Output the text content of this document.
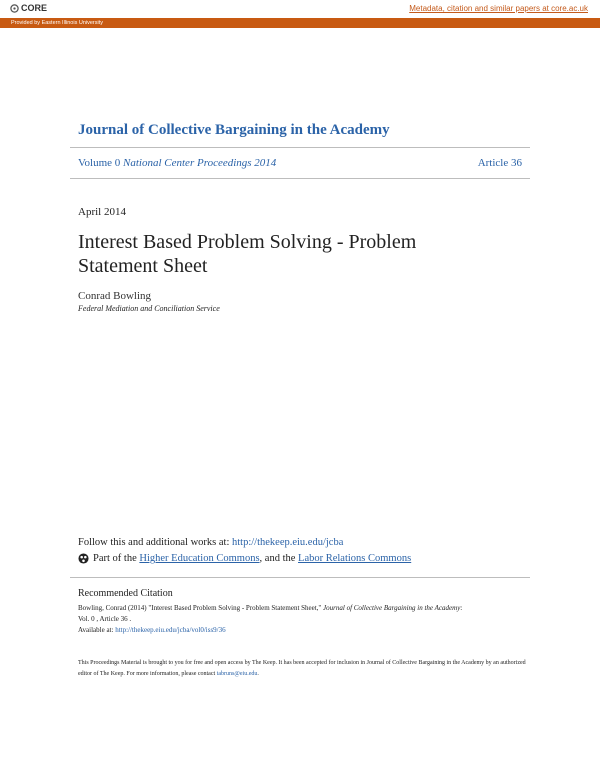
CORE	Metadata, citation and similar papers at core.ac.uk
Provided by Eastern Illinois University
Journal of Collective Bargaining in the Academy
Volume 0 National Center Proceedings 2014	Article 36
April 2014
Interest Based Problem Solving - Problem Statement Sheet
Conrad Bowling
Federal Mediation and Conciliation Service
Follow this and additional works at: http://thekeep.eiu.edu/jcba
Part of the Higher Education Commons, and the Labor Relations Commons
Recommended Citation
Bowling, Conrad (2014) "Interest Based Problem Solving - Problem Statement Sheet," Journal of Collective Bargaining in the Academy:
Vol. 0 , Article 36 .
Available at: http://thekeep.eiu.edu/jcba/vol0/iss9/36
This Proceedings Material is brought to you for free and open access by The Keep. It has been accepted for inclusion in Journal of Collective Bargaining in the Academy by an authorized editor of The Keep. For more information, please contact tabruns@eiu.edu.
